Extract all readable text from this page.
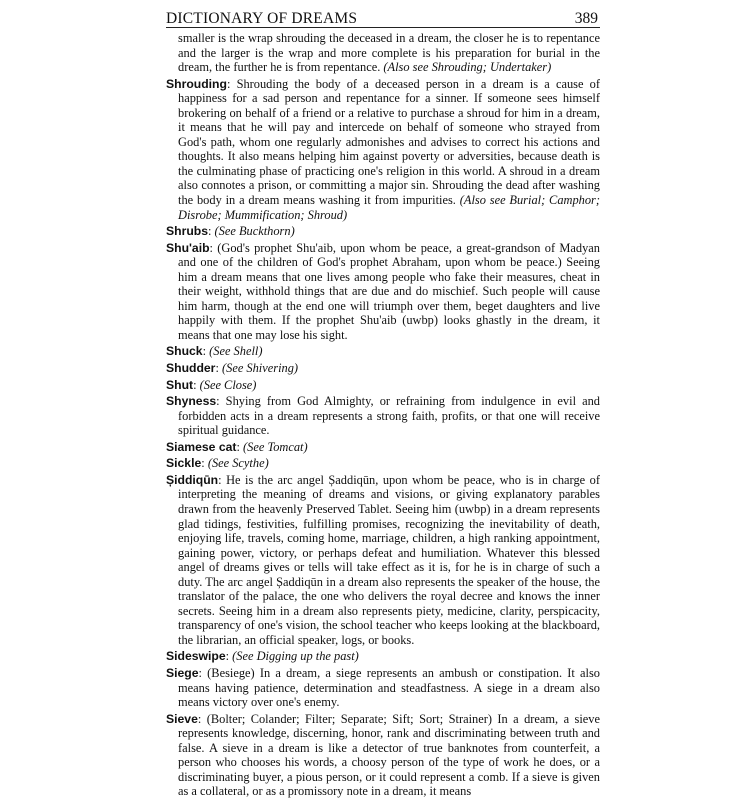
DICTIONARY OF DREAMS	389

smaller is the wrap shrouding the deceased in a dream, the closer he is to repentance and the larger is the wrap and more complete is his preparation for burial in the dream, the further he is from repentance. (Also see Shrouding; Undertaker)

Shrouding: Shrouding the body of a deceased person in a dream is a cause of happiness for a sad person and repentance for a sinner. If someone sees himself brokering on behalf of a friend or a relative to purchase a shroud for him in a dream, it means that he will pay and intercede on behalf of someone who strayed from God's path, whom one regularly admonishes and advises to correct his actions and thoughts. It also means helping him against poverty or adversities, because death is the culminating phase of practicing one's religion in this world. A shroud in a dream also connotes a prison, or committing a major sin. Shrouding the dead after washing the body in a dream means washing it from impurities. (Also see Burial; Camphor; Disrobe; Mummification; Shroud)

Shrubs: (See Buckthorn)

Shu'aib: (God's prophet Shu'aib, upon whom be peace, a great-grandson of Madyan and one of the children of God's prophet Abraham, upon whom be peace.) Seeing him a dream means that one lives among people who fake their measures, cheat in their weight, withhold things that are due and do mischief. Such people will cause him harm, though at the end one will triumph over them, beget daughters and live happily with them. If the prophet Shu'aib (uwbp) looks ghastly in the dream, it means that one may lose his sight.

Shuck: (See Shell)

Shudder: (See Shivering)

Shut: (See Close)

Shyness: Shying from God Almighty, or refraining from indulgence in evil and forbidden acts in a dream represents a strong faith, profits, or that one will receive spiritual guidance.

Siamese cat: (See Tomcat)

Sickle: (See Scythe)

Șiddiqūn: He is the arc angel Șaddiqūn, upon whom be peace, who is in charge of interpreting the meaning of dreams and visions, or giving explanatory parables drawn from the heavenly Preserved Tablet. Seeing him (uwbp) in a dream represents glad tidings, festivities, fulfilling promises, recognizing the inevitability of death, enjoying life, travels, coming home, marriage, children, a high ranking appointment, gaining power, victory, or perhaps defeat and humiliation. Whatever this blessed angel of dreams gives or tells will take effect as it is, for he is in charge of such a duty. The arc angel Șaddiqūn in a dream also represents the speaker of the house, the translator of the palace, the one who delivers the royal decree and knows the inner secrets. Seeing him in a dream also represents piety, medicine, clarity, perspicacity, transparency of one's vision, the school teacher who keeps looking at the blackboard, the librarian, an official speaker, logs, or books.

Sideswipe: (See Digging up the past)

Siege: (Besiege) In a dream, a siege represents an ambush or constipation. It also means having patience, determination and steadfastness. A siege in a dream also means victory over one's enemy.

Sieve: (Bolter; Colander; Filter; Separate; Sift; Sort; Strainer) In a dream, a sieve represents knowledge, discerning, honor, rank and discriminating between truth and false. A sieve in a dream is like a detector of true banknotes from counterfeit, a person who chooses his words, a choosy person of the type of work he does, or a discriminating buyer, a pious person, or it could represent a comb. If a sieve is given as a collateral, or as a promissory note in a dream, it means
